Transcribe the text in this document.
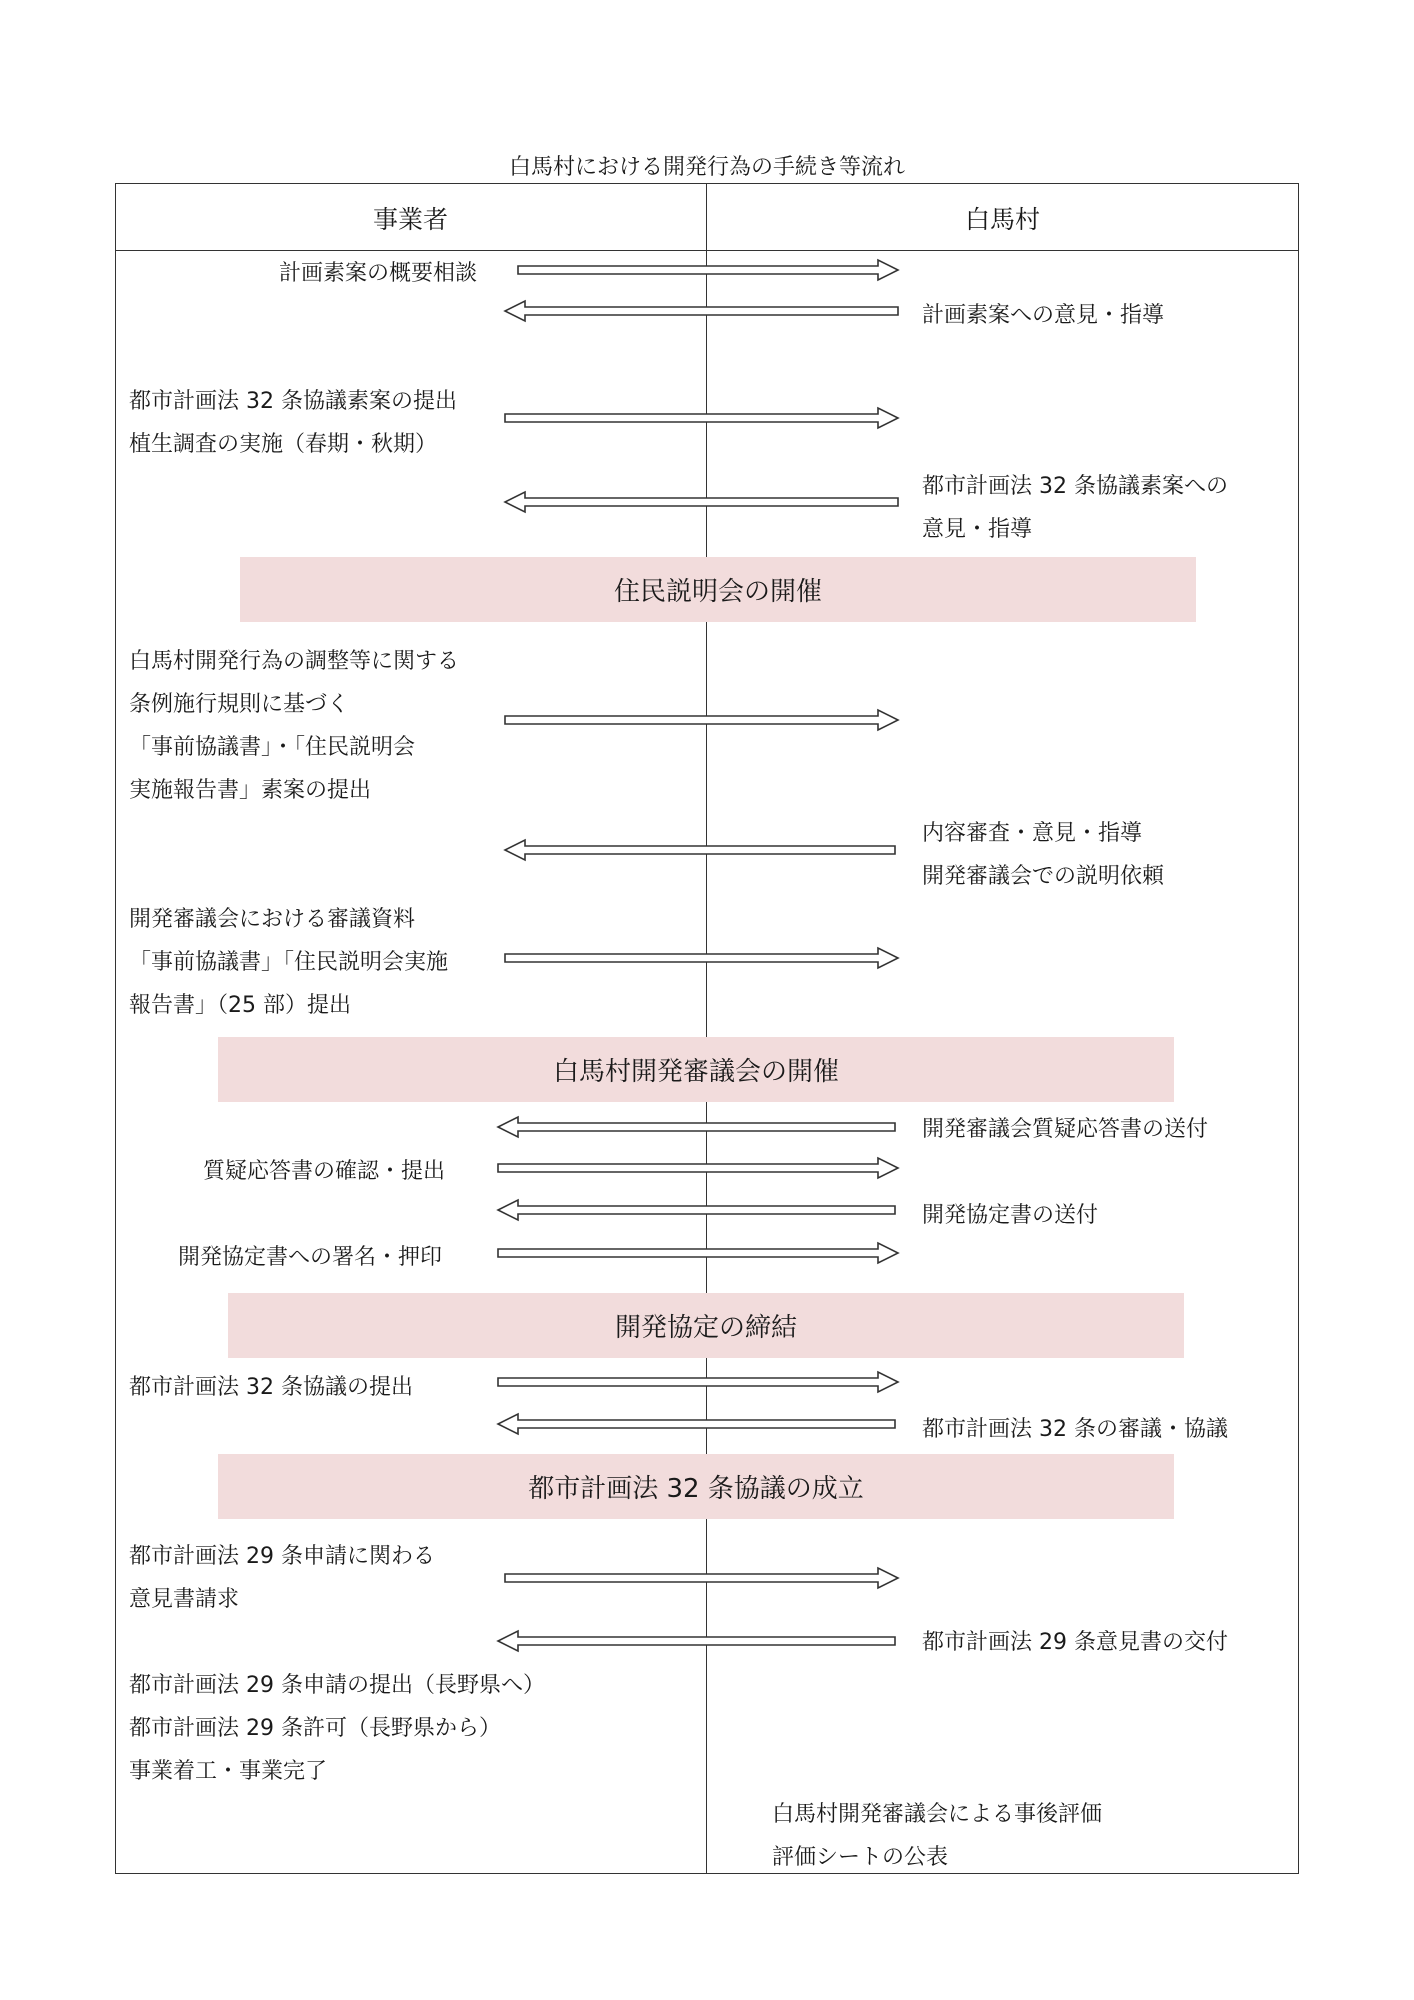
白馬村における開発行為の手続き等流れ
事業者	白馬村
計画素案の概要相談
都市計画法 32 条協議素案の提出
植生調査の実施（春期・秋期）
白馬村開発行為の調整等に関する
条例施行規則に基づく
「事前協議書」・「住民説明会
実施報告書」素案の提出
開発審議会における審議資料
「事前協議書」「住民説明会実施
報告書」（25 部）提出
質疑応答書の確認・提出
開発協定書への署名・押印
都市計画法 32 条協議の提出
都市計画法 29 条申請に関わる
意見書請求
都市計画法 29 条申請の提出（長野県へ）
都市計画法 29 条許可（長野県から）
事業着工・事業完了
計画素案への意見・指導
都市計画法 32 条協議素案への
意見・指導
内容審査・意見・指導
開発審議会での説明依頼
開発審議会質疑応答書の送付
開発協定書の送付
都市計画法 32 条の審議・協議
都市計画法 29 条意見書の交付
白馬村開発審議会による事後評価
評価シートの公表
住民説明会の開催
白馬村開発審議会の開催
開発協定の締結
都市計画法 32 条協議の成立
